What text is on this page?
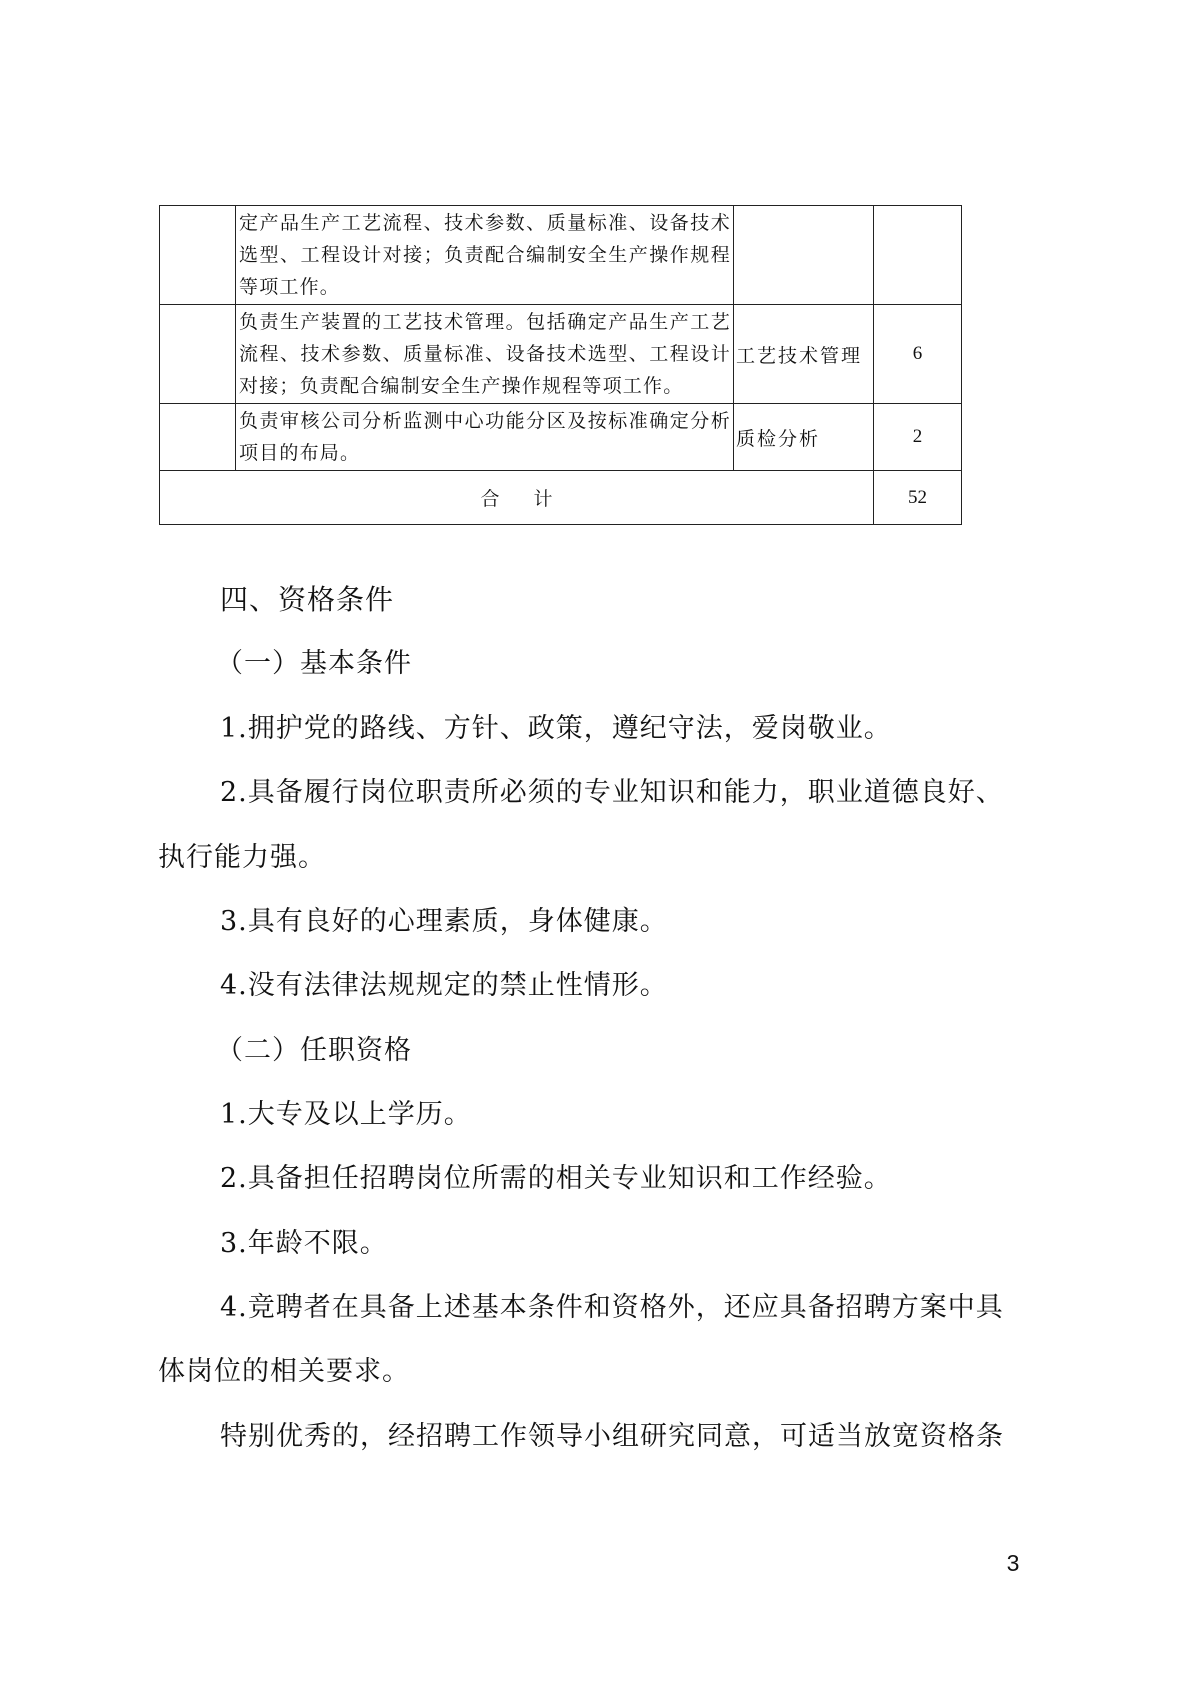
	定产品生产工艺流程、技术参数、质量标准、设备技术选型、工程设计对接；负责配合编制安全生产操作规程等项工作。		
	负责生产装置的工艺技术管理。包括确定产品生产工艺流程、技术参数、质量标准、设备技术选型、工程设计对接；负责配合编制安全生产操作规程等项工作。	工艺技术管理	6
	负责审核公司分析监测中心功能分区及按标准确定分析项目的布局。	质检分析	2
合计			52

四、资格条件

（一）基本条件

1.拥护党的路线、方针、政策，遵纪守法，爱岗敬业。

2.具备履行岗位职责所必须的专业知识和能力，职业道德良好、

执行能力强。

3.具有良好的心理素质，身体健康。

4.没有法律法规规定的禁止性情形。

（二）任职资格

1.大专及以上学历。

2.具备担任招聘岗位所需的相关专业知识和工作经验。

3.年龄不限。

4.竞聘者在具备上述基本条件和资格外，还应具备招聘方案中具

体岗位的相关要求。

特别优秀的，经招聘工作领导小组研究同意，可适当放宽资格条

3
